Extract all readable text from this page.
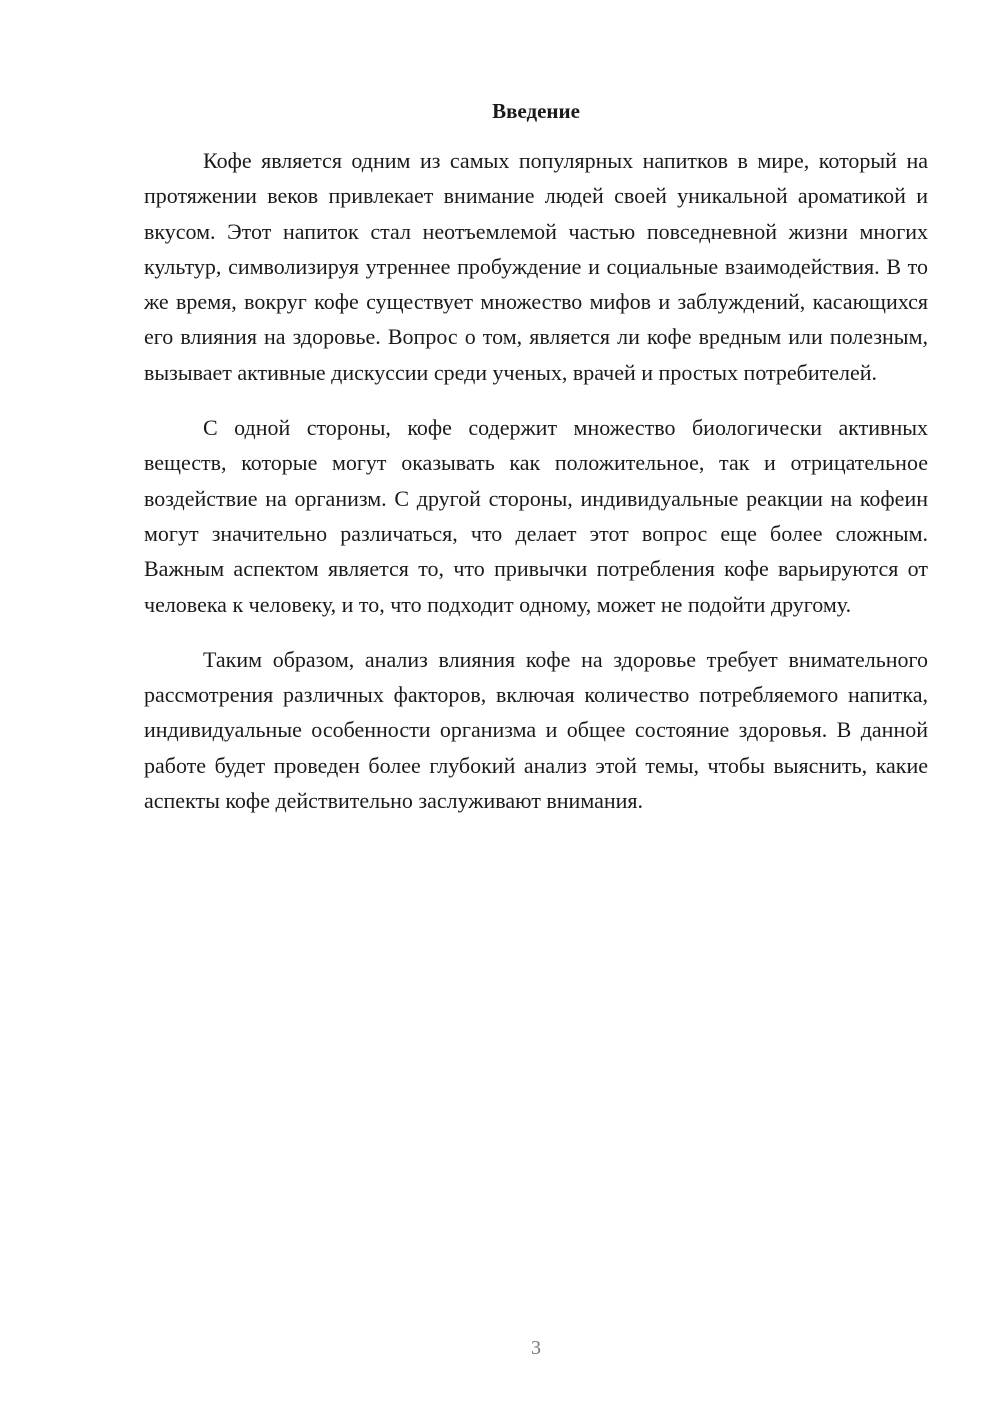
Введение

Кофе является одним из самых популярных напитков в мире, который на протяжении веков привлекает внимание людей своей уникальной ароматикой и вкусом. Этот напиток стал неотъемлемой частью повседневной жизни многих культур, символизируя утреннее пробуждение и социальные взаимодействия. В то же время, вокруг кофе существует множество мифов и заблуждений, касающихся его влияния на здоровье. Вопрос о том, является ли кофе вредным или полезным, вызывает активные дискуссии среди ученых, врачей и простых потребителей.

С одной стороны, кофе содержит множество биологически активных веществ, которые могут оказывать как положительное, так и отрицательное воздействие на организм. С другой стороны, индивидуальные реакции на кофеин могут значительно различаться, что делает этот вопрос еще более сложным. Важным аспектом является то, что привычки потребления кофе варьируются от человека к человеку, и то, что подходит одному, может не подойти другому.

Таким образом, анализ влияния кофе на здоровье требует внимательного рассмотрения различных факторов, включая количество потребляемого напитка, индивидуальные особенности организма и общее состояние здоровья. В данной работе будет проведен более глубокий анализ этой темы, чтобы выяснить, какие аспекты кофе действительно заслуживают внимания.

3
